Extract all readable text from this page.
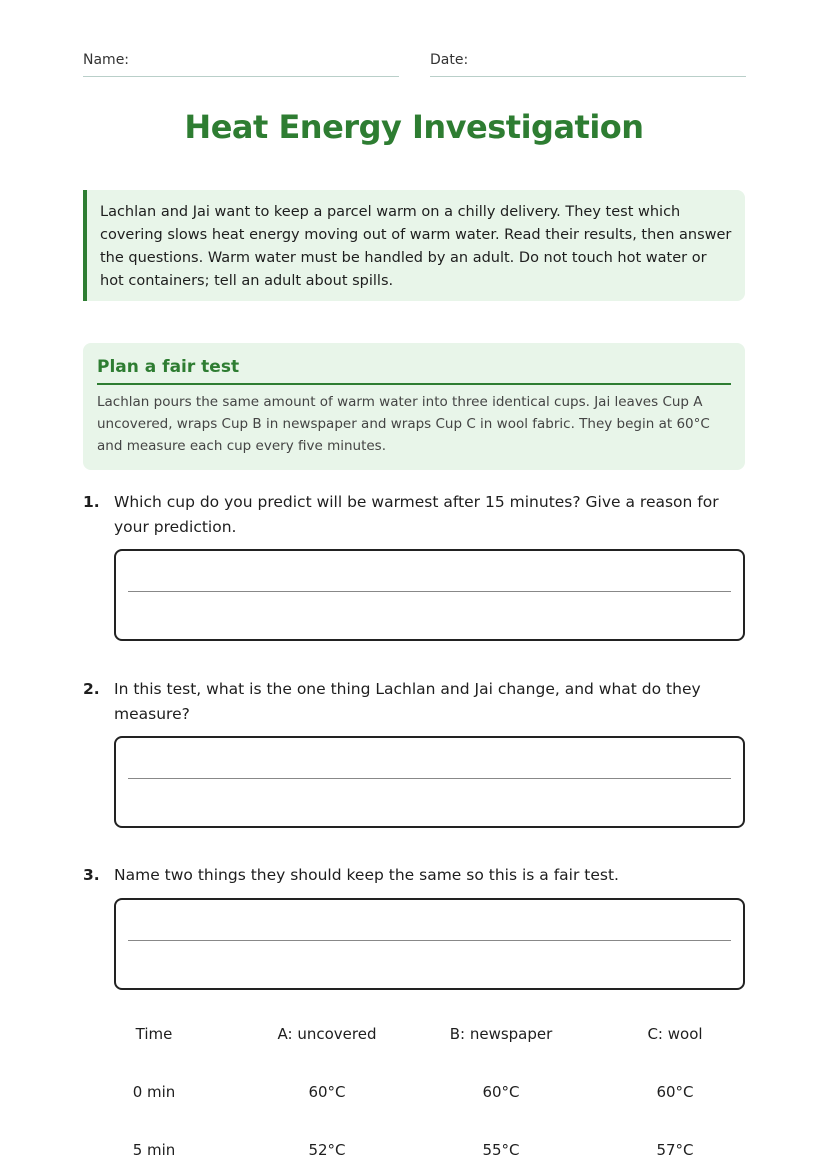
Name:	Date:
Heat Energy Investigation
Lachlan and Jai want to keep a parcel warm on a chilly delivery. They test which covering slows heat energy moving out of warm water. Read their results, then answer the questions. Warm water must be handled by an adult. Do not touch hot water or hot containers; tell an adult about spills.
Plan a fair test

Lachlan pours the same amount of warm water into three identical cups. Jai leaves Cup A uncovered, wraps Cup B in newspaper and wraps Cup C in wool fabric. They begin at 60°C and measure each cup every five minutes.

1. Which cup do you predict will be warmest after 15 minutes? Give a reason for your prediction.
2. In this test, what is the one thing Lachlan and Jai change, and what do they measure?
3. Name two things they should keep the same so this is a fair test.
Time	A: uncovered	B: newspaper	C: wool
0 min	60°C	60°C	60°C
5 min	52°C	55°C	57°C
